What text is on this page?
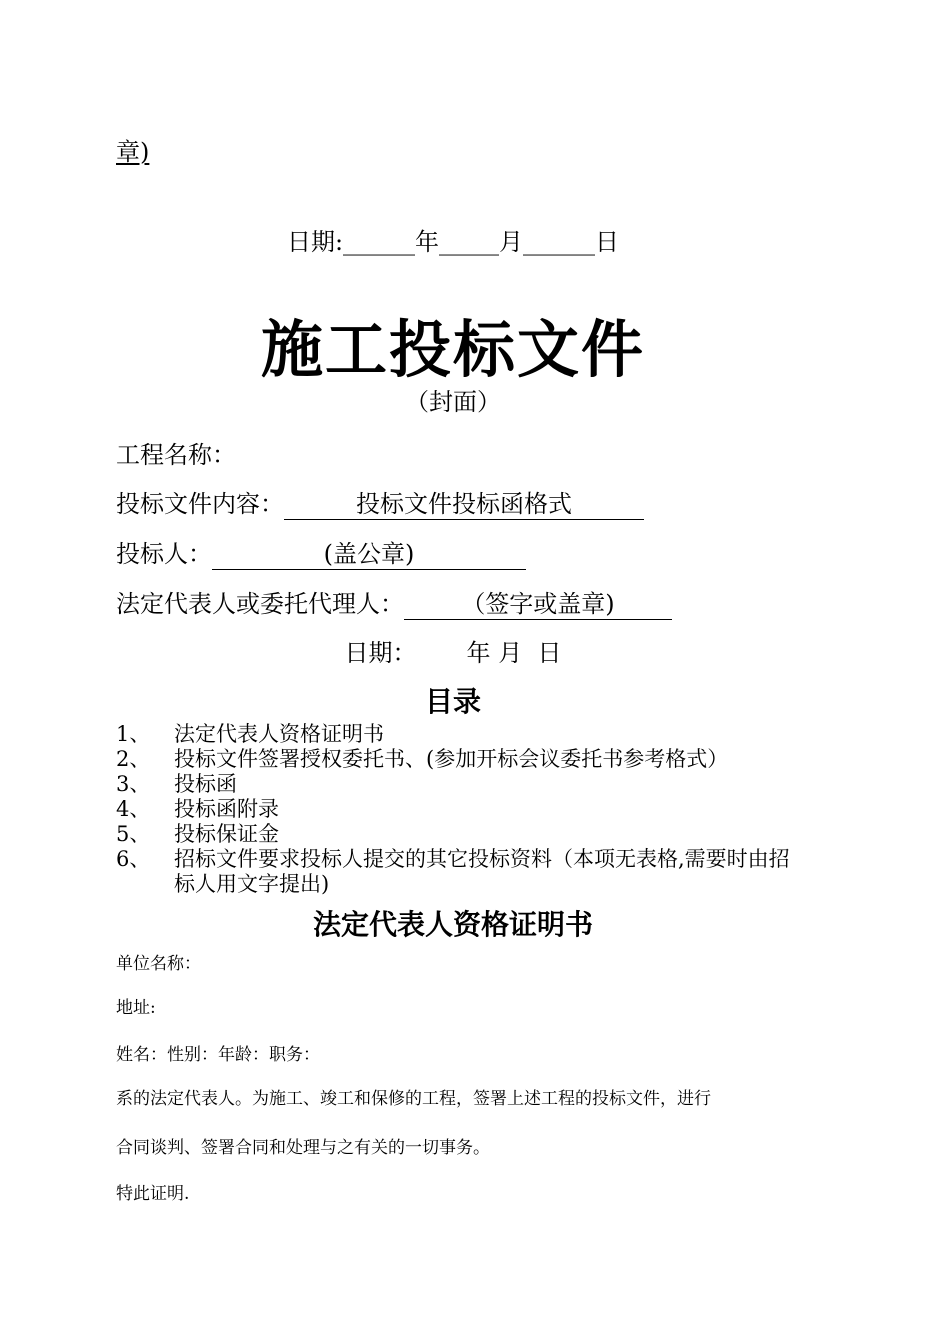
章)
日期:______年_____月______日
施工投标文件
（封面）
工程名称：
投标文件内容：	投标文件投标函格式
投标人：	(盖公章)
法定代表人或委托代理人： （签字或盖章)
日期： 年 月 日
目录
1、	法定代表人资格证明书
2、	投标文件签署授权委托书、(参加开标会议委托书参考格式）
3、	投标函
4、	投标函附录
5、	投标保证金
6、	招标文件要求投标人提交的其它投标资料（本项无表格,需要时由招标人用文字提出)
法定代表人资格证明书
单位名称：
地址:
姓名：性别：年龄：职务：
系的法定代表人。为施工、竣工和保修的工程，签署上述工程的投标文件，进行
合同谈判、签署合同和处理与之有关的一切事务。
特此证明.
